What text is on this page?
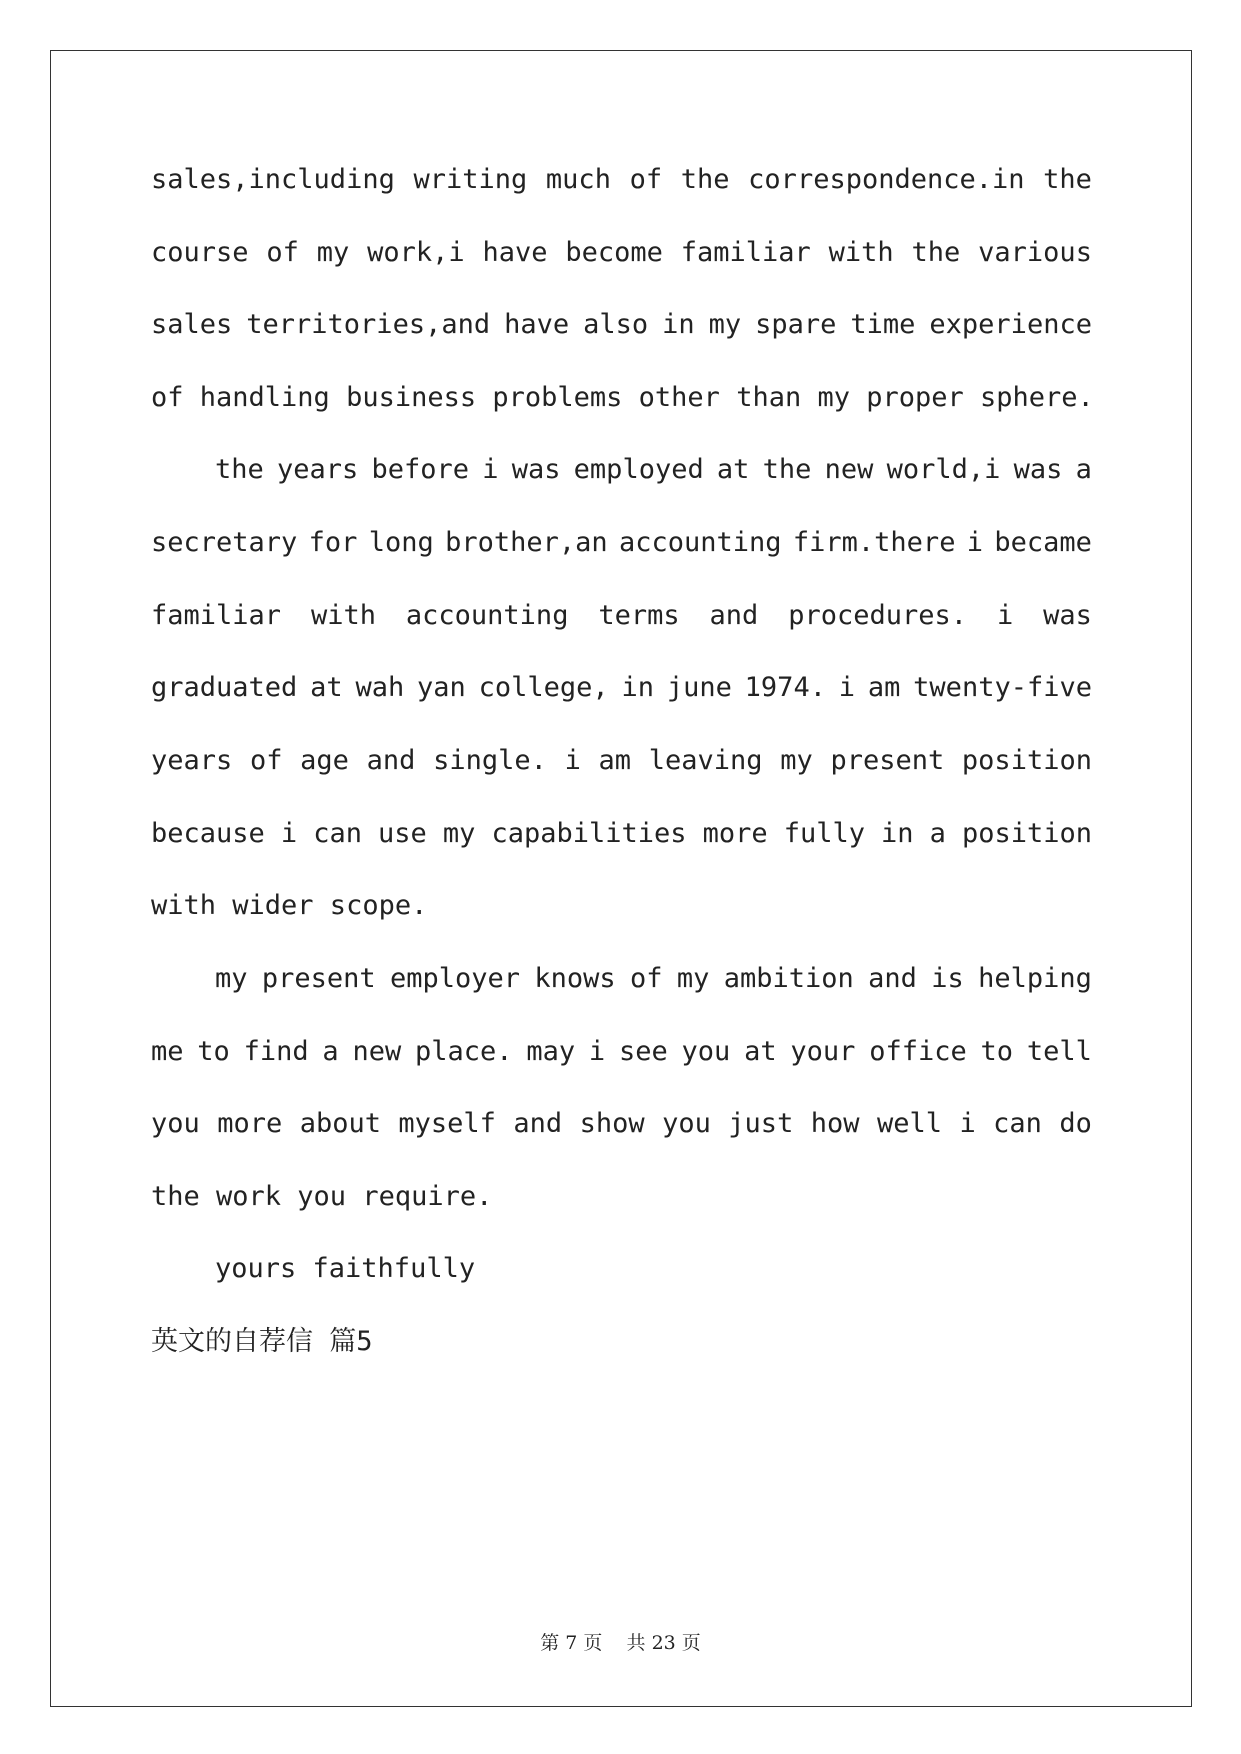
sales,including writing much of the correspondence.in the
course of my work,i have become familiar with the various
sales territories,and have also in my spare time experience
of handling business problems other than my proper sphere.
the years before i was employed at the new world,i was a
secretary for long brother,an accounting firm.there i became
familiar with accounting terms and procedures. i was
graduated at wah yan college, in june 1974. i am twenty-five
years of age and single. i am leaving my present position
because i can use my capabilities more fully in a position
with wider scope.
my present employer knows of my ambition and is helping
me to find a new place. may i see you at your office to tell
you more about myself and show you just how well i can do
the work you require.
yours faithfully
英文的自荐信 篇5
第 7 页    共 23 页
